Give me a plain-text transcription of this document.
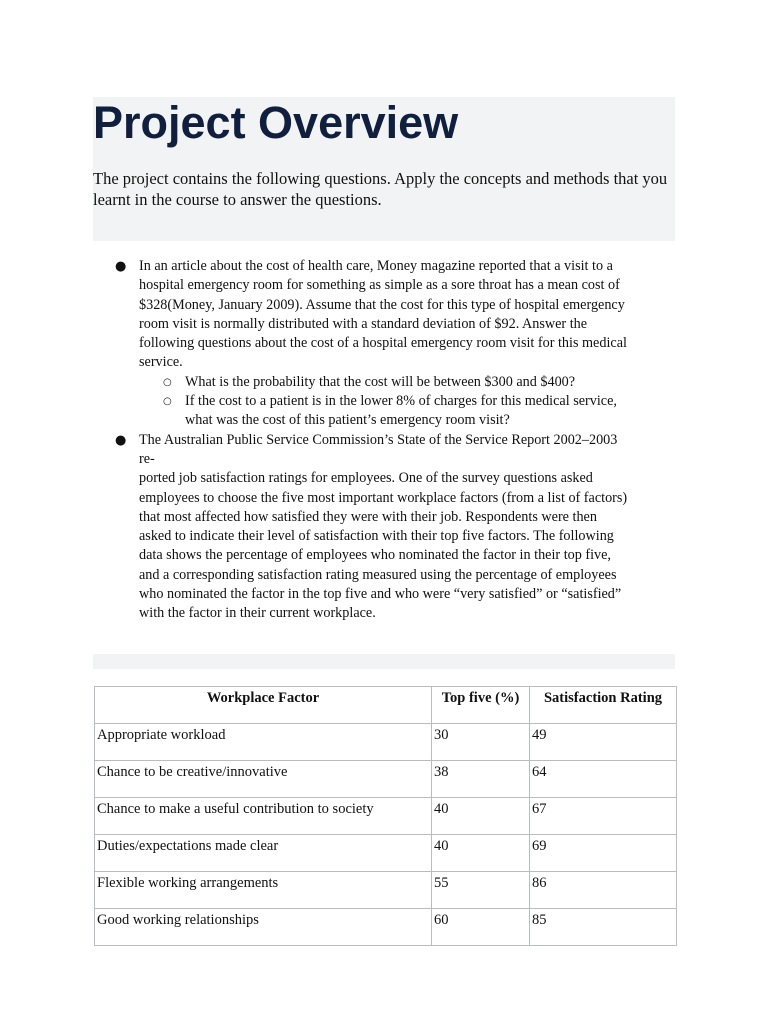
Project Overview

The project contains the following questions. Apply the concepts and methods that you learnt in the course to answer the questions.

● In an article about the cost of health care, Money magazine reported that a visit to a
hospital emergency room for something as simple as a sore throat has a mean cost of
$328(Money, January 2009). Assume that the cost for this type of hospital emergency
room visit is normally distributed with a standard deviation of $92. Answer the
following questions about the cost of a hospital emergency room visit for this medical
service.
○ What is the probability that the cost will be between $300 and $400?
○ If the cost to a patient is in the lower 8% of charges for this medical service,
what was the cost of this patient’s emergency room visit?
● The Australian Public Service Commission’s State of the Service Report 2002–2003
re-
ported job satisfaction ratings for employees. One of the survey questions asked
employees to choose the five most important workplace factors (from a list of factors)
that most affected how satisfied they were with their job. Respondents were then
asked to indicate their level of satisfaction with their top five factors. The following
data shows the percentage of employees who nominated the factor in their top five,
and a corresponding satisfaction rating measured using the percentage of employees
who nominated the factor in the top five and who were “very satisfied” or “satisfied”
with the factor in their current workplace.
Workplace Factor	Top five (%)	Satisfaction Rating
Appropriate workload	30	49
Chance to be creative/innovative	38	64
Chance to make a useful contribution to society	40	67
Duties/expectations made clear	40	69
Flexible working arrangements	55	86
Good working relationships	60	85
